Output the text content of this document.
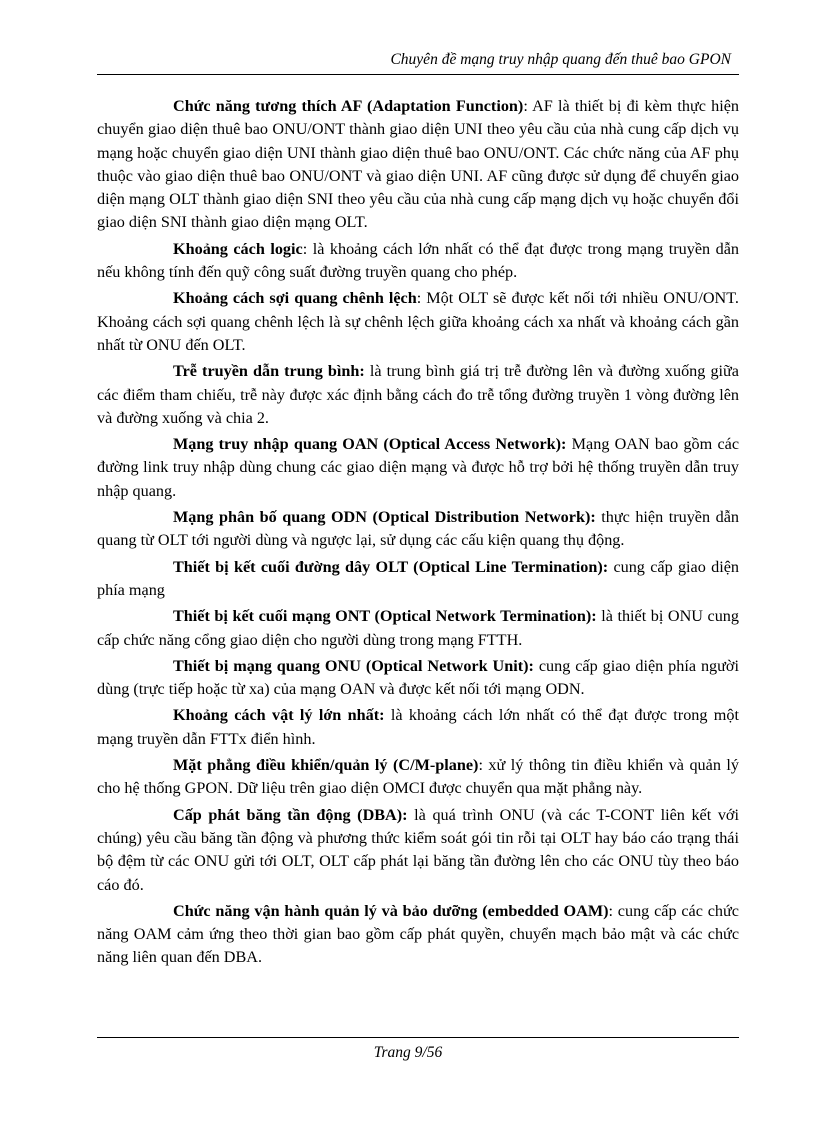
Chuyên đề mạng truy nhập quang đến thuê bao GPON

Chức năng tương thích AF (Adaptation Function): AF là thiết bị đi kèm thực hiện chuyển giao diện thuê bao ONU/ONT thành giao diện UNI theo yêu cầu của nhà cung cấp dịch vụ mạng hoặc chuyển giao diện UNI thành giao diện thuê bao ONU/ONT. Các chức năng của AF phụ thuộc vào giao diện thuê bao ONU/ONT và giao diện UNI. AF cũng được sử dụng để chuyển giao diện mạng OLT thành giao diện SNI theo yêu cầu của nhà cung cấp mạng dịch vụ hoặc chuyển đổi giao diện SNI thành giao diện mạng OLT.

Khoảng cách logic: là khoảng cách lớn nhất có thể đạt được trong mạng truyền dẫn nếu không tính đến quỹ công suất đường truyền quang cho phép.

Khoảng cách sợi quang chênh lệch: Một OLT sẽ được kết nối tới nhiều ONU/ONT. Khoảng cách sợi quang chênh lệch là sự chênh lệch giữa khoảng cách xa nhất và khoảng cách gần nhất từ ONU đến OLT.

Trễ truyền dẫn trung bình: là trung bình giá trị trễ đường lên và đường xuống giữa các điểm tham chiếu, trễ này được xác định bằng cách đo trễ tổng đường truyền 1 vòng đường lên và đường xuống và chia 2.

Mạng truy nhập quang OAN (Optical Access Network): Mạng OAN bao gồm các đường link truy nhập dùng chung các giao diện mạng và được hỗ trợ bởi hệ thống truyền dẫn truy nhập quang.

Mạng phân bố quang ODN (Optical Distribution Network): thực hiện truyền dẫn quang từ OLT tới người dùng và ngược lại, sử dụng các cấu kiện quang thụ động.

Thiết bị kết cuối đường dây OLT (Optical Line Termination): cung cấp giao diện phía mạng

Thiết bị kết cuối mạng ONT (Optical Network Termination): là thiết bị ONU cung cấp chức năng cổng giao diện cho người dùng trong mạng FTTH.

Thiết bị mạng quang ONU (Optical Network Unit): cung cấp giao diện phía người dùng (trực tiếp hoặc từ xa) của mạng OAN và được kết nối tới mạng ODN.

Khoảng cách vật lý lớn nhất: là khoảng cách lớn nhất có thể đạt được trong một mạng truyền dẫn FTTx điển hình.

Mặt phẳng điều khiển/quản lý (C/M-plane): xử lý thông tin điều khiển và quản lý cho hệ thống GPON. Dữ liệu trên giao diện OMCI được chuyển qua mặt phẳng này.

Cấp phát băng tần động (DBA): là quá trình ONU (và các T-CONT liên kết với chúng) yêu cầu băng tần động và phương thức kiểm soát gói tin rỗi tại OLT hay báo cáo trạng thái bộ đệm từ các ONU gửi tới OLT, OLT cấp phát lại băng tần đường lên cho các ONU tùy theo báo cáo đó.

Chức năng vận hành quản lý và bảo dưỡng (embedded OAM): cung cấp các chức năng OAM cảm ứng theo thời gian bao gồm cấp phát quyền, chuyển mạch bảo mật và các chức năng liên quan đến DBA.

Trang 9/56
